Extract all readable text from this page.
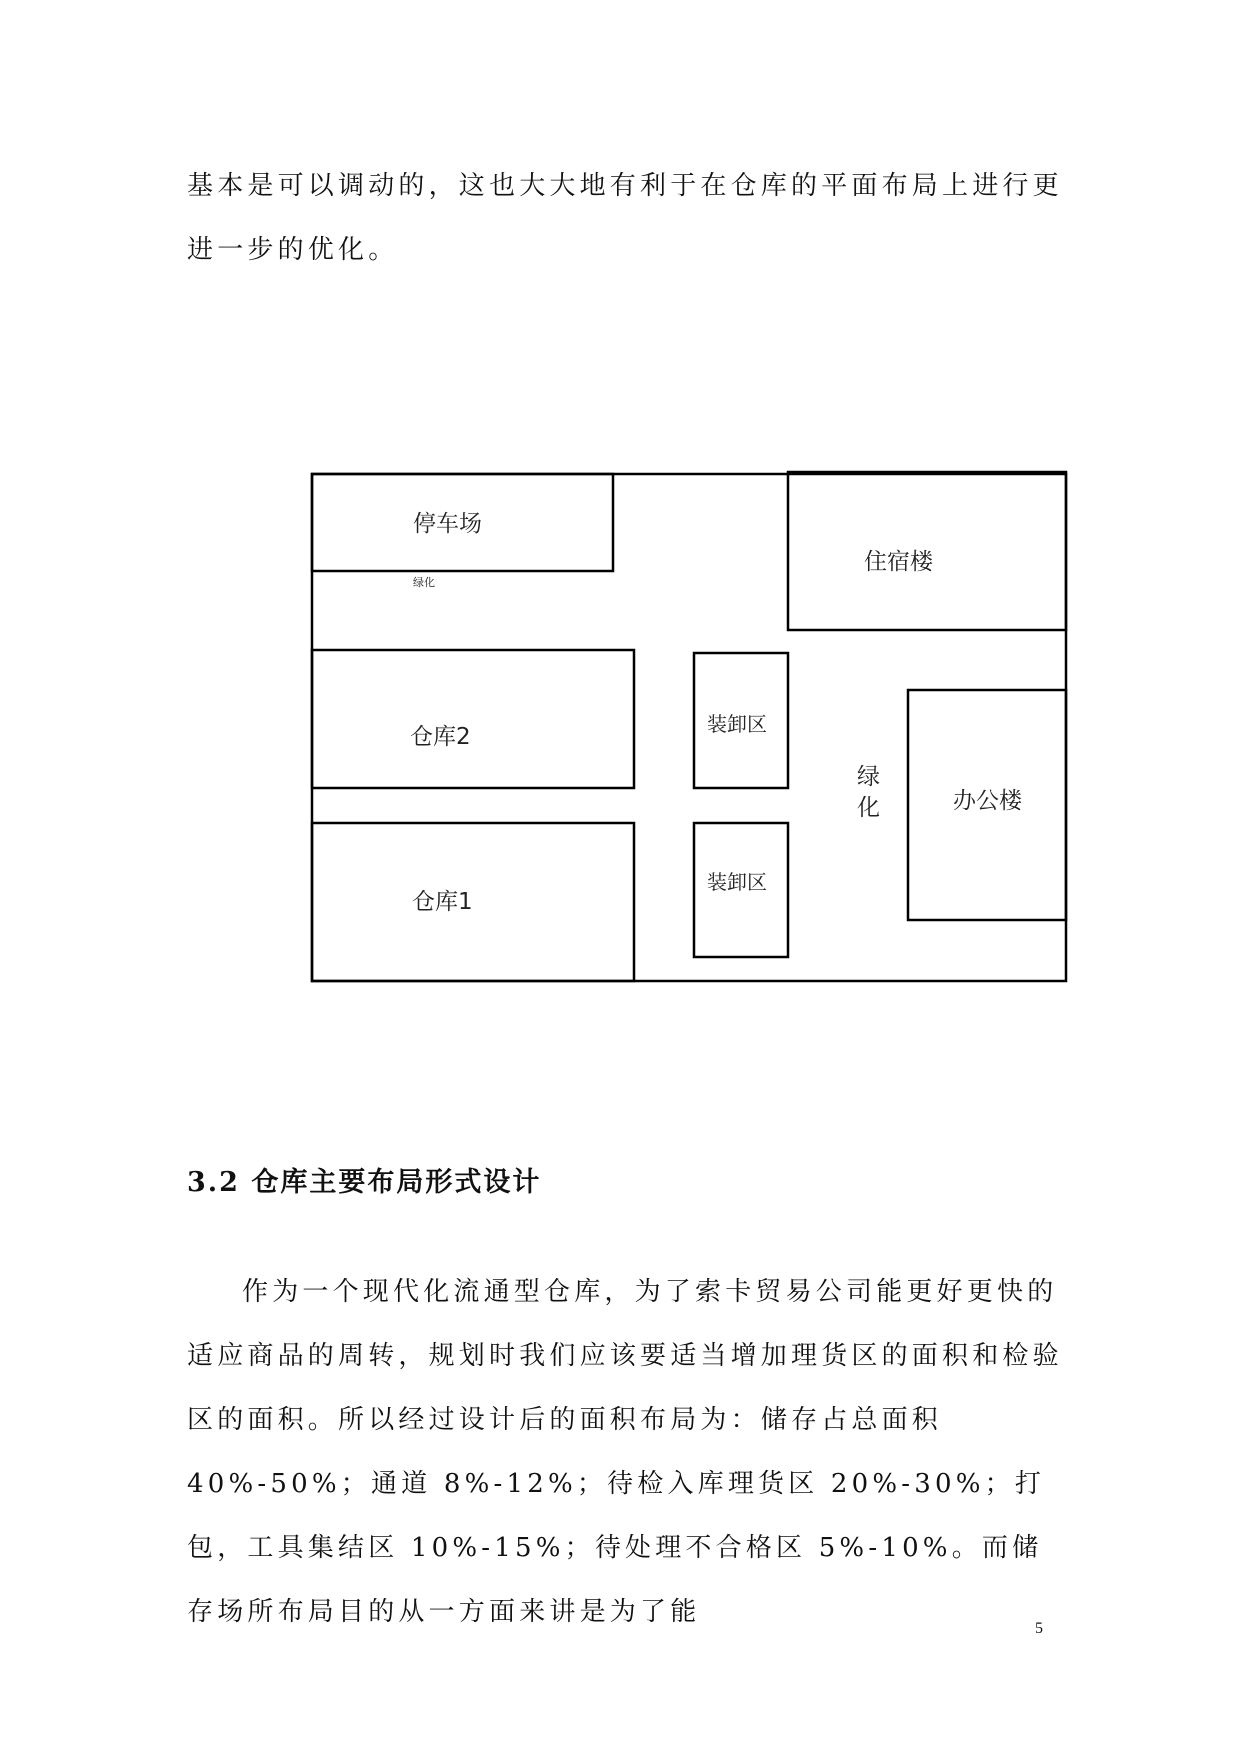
基本是可以调动的，这也大大地有利于在仓库的平面布局上进行更进一步的优化。

停车场
绿化
住宿楼
仓库2
仓库1
装卸区
装卸区
绿
化	办公楼
3.2 仓库主要布局形式设计

作为一个现代化流通型仓库，为了索卡贸易公司能更好更快的适应商品的周转，规划时我们应该要适当增加理货区的面积和检验区的面积。所以经过设计后的面积布局为：储存占总面积 40%-50%；通道 8%-12%；待检入库理货区 20%-30%；打包，工具集结区 10%-15%；待处理不合格区 5%-10%。而储存场所布局目的从一方面来讲是为了能

5
